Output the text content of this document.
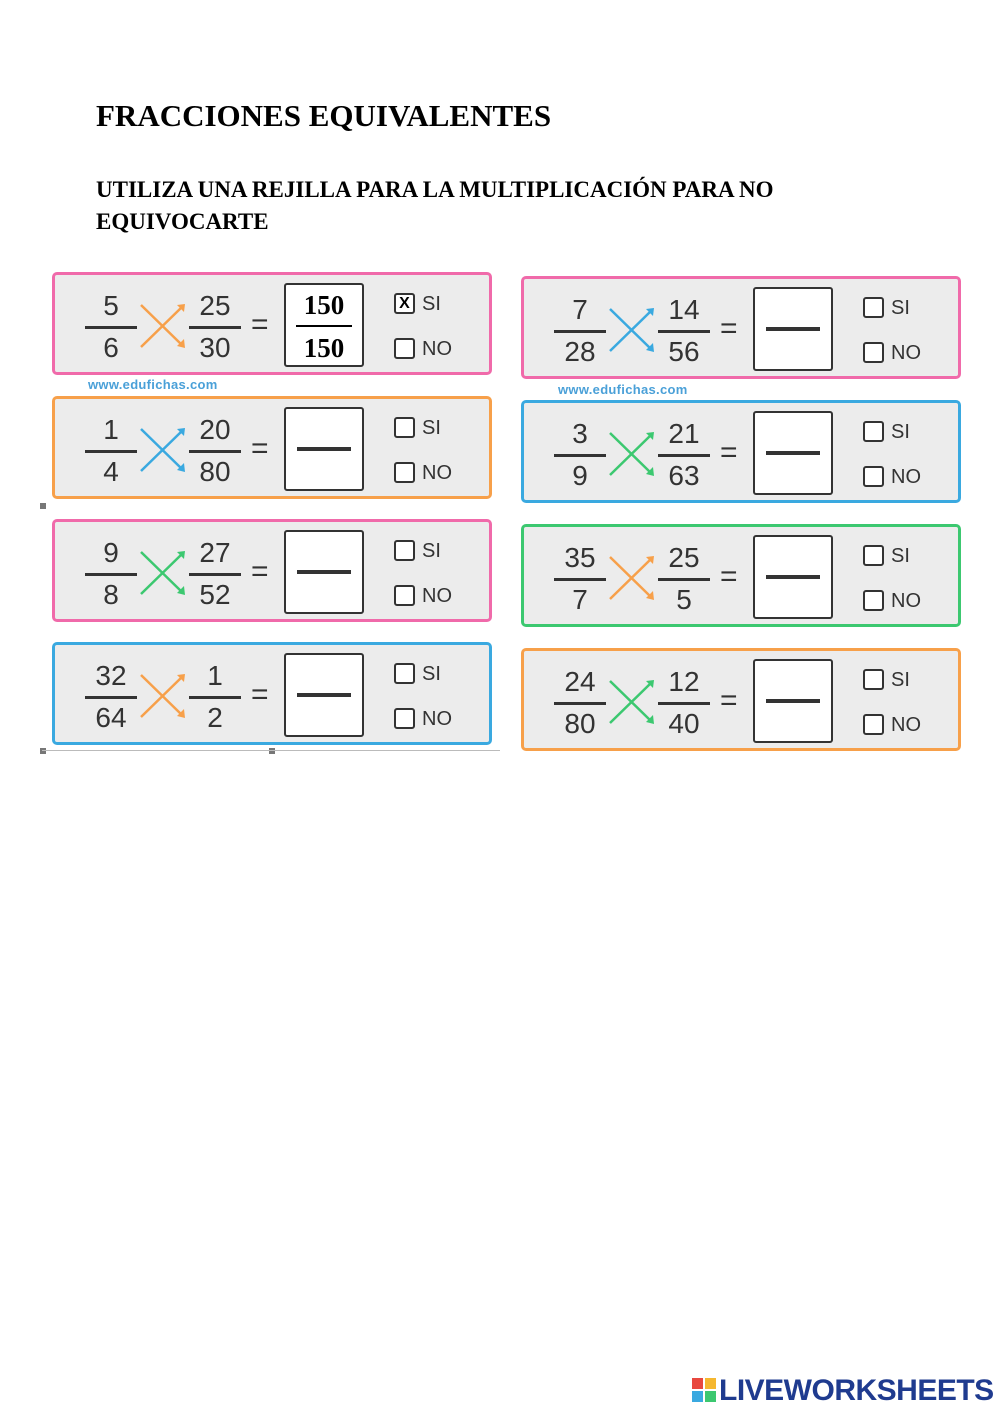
FRACCIONES EQUIVALENTES
UTILIZA UNA REJILLA PARA LA MULTIPLICACIÓN PARA NO EQUIVOCARTE
5
6
25
30
=
150
150
X SI
NO
www.edufichas.com
1
4
20
80
=
SI
NO
9
8
27
52
=
SI
NO
32
64
1
2
=
SI
NO
7
28
14
56
=
SI
NO
www.edufichas.com
3
9
21
63
=
SI
NO
35
7
25
5
=
SI
NO
24
80
12
40
=
SI
NO
LIVEWORKSHEETS
